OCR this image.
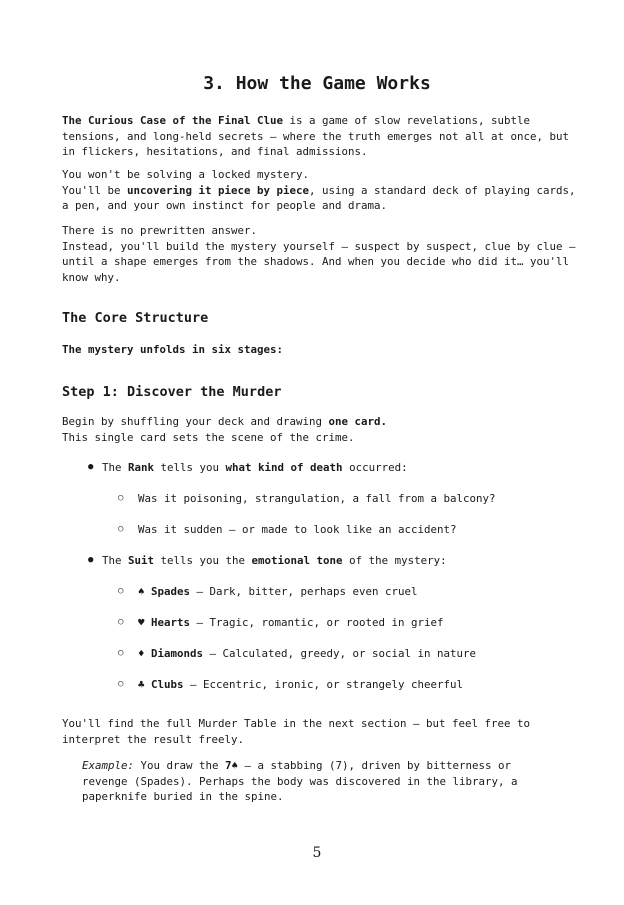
3. How the Game Works

The Curious Case of the Final Clue is a game of slow revelations, subtle tensions, and long-held secrets — where the truth emerges not all at once, but in flickers, hesitations, and final admissions.

You won't be solving a locked mystery.
You'll be uncovering it piece by piece, using a standard deck of playing cards, a pen, and your own instinct for people and drama.

There is no prewritten answer.
Instead, you'll build the mystery yourself — suspect by suspect, clue by clue — until a shape emerges from the shadows. And when you decide who did it… you'll know why.

The Core Structure

The mystery unfolds in six stages:

Step 1: Discover the Murder

Begin by shuffling your deck and drawing one card.
This single card sets the scene of the crime.

● The Rank tells you what kind of death occurred:
○ Was it poisoning, strangulation, a fall from a balcony?
○ Was it sudden — or made to look like an accident?
● The Suit tells you the emotional tone of the mystery:
○ ♠ Spades – Dark, bitter, perhaps even cruel
○ ♥ Hearts – Tragic, romantic, or rooted in grief
○ ♦ Diamonds – Calculated, greedy, or social in nature
○ ♣ Clubs – Eccentric, ironic, or strangely cheerful

You'll find the full Murder Table in the next section — but feel free to interpret the result freely.

Example: You draw the 7♠ — a stabbing (7), driven by bitterness or revenge (Spades). Perhaps the body was discovered in the library, a paperknife buried in the spine.

5
